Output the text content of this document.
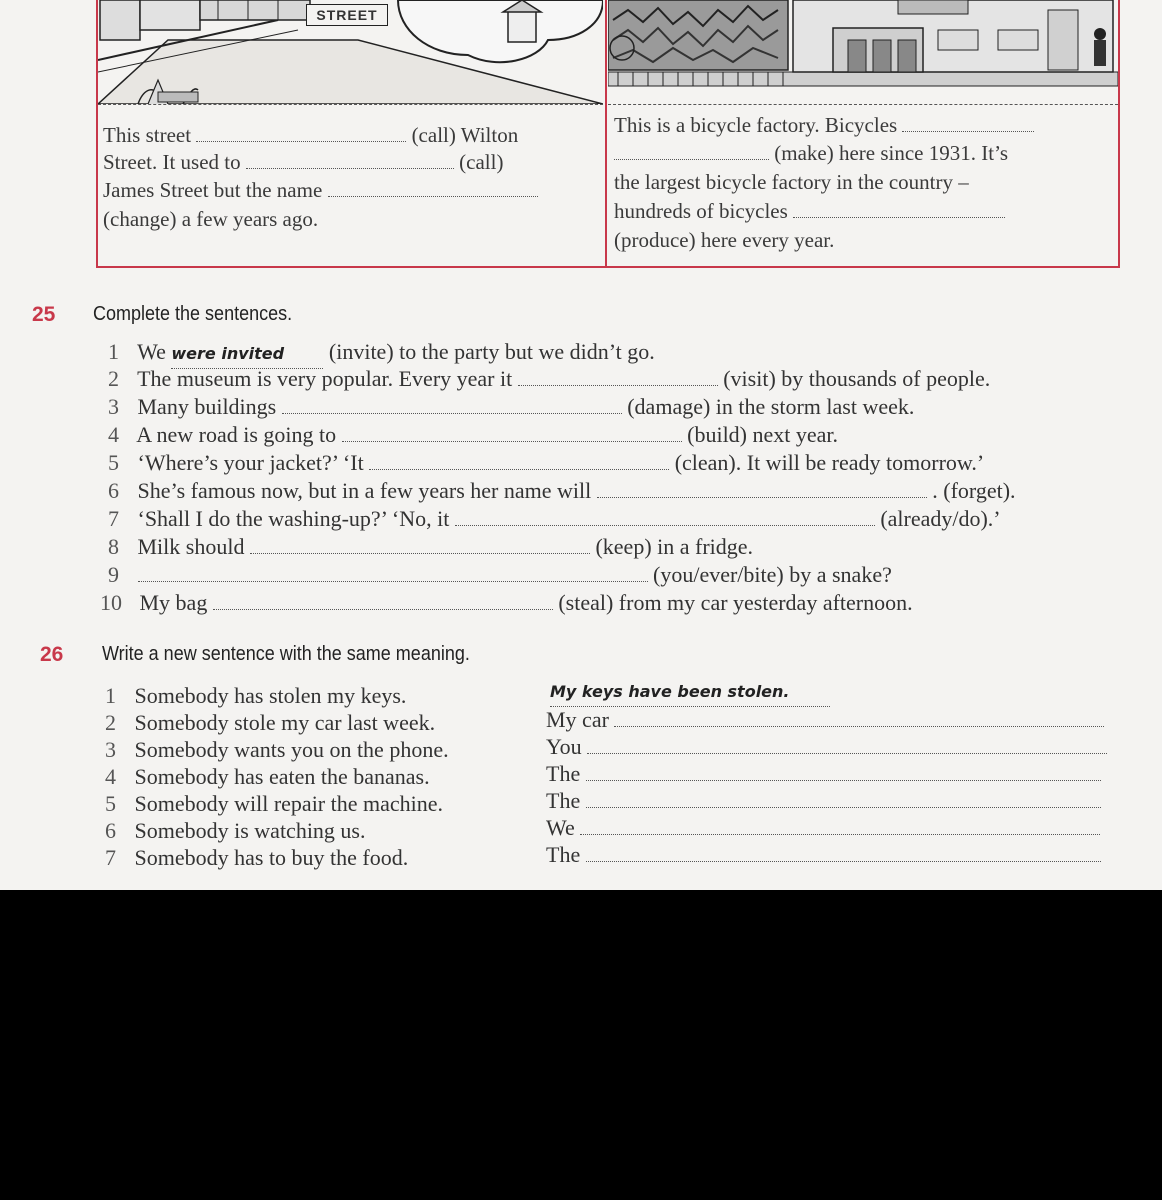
STREET
This street	(call) Wilton
Street. It used to	(call)
James Street but the name
(change) a few years ago.
This is a bicycle factory. Bicycles
(make) here since 1931. It’s
the largest bicycle factory in the country –
hundreds of bicycles
(produce) here every year.
25 Complete the sentences.
1 We were invited (invite) to the party but we didn’t go.
2 The museum is very popular. Every year it	(visit) by thousands of people.
3 Many buildings	(damage) in the storm last week.
4 A new road is going to	(build) next year.
5 ‘Where’s your jacket?’ ‘It	(clean). It will be ready tomorrow.’
6 She’s famous now, but in a few years her name will	. (forget).
7 ‘Shall I do the washing-up?’ ‘No, it	(already/do).’
8 Milk should	(keep) in a fridge.
9	(you/ever/bite) by a snake?
10 My bag	(steal) from my car yesterday afternoon.
26 Write a new sentence with the same meaning.
1 Somebody has stolen my keys.	My keys have been stolen.
2 Somebody stole my car last week.	My car
3 Somebody wants you on the phone.	You
4 Somebody has eaten the bananas.	The
5 Somebody will repair the machine.	The
6 Somebody is watching us.	We
7 Somebody has to buy the food.	The
